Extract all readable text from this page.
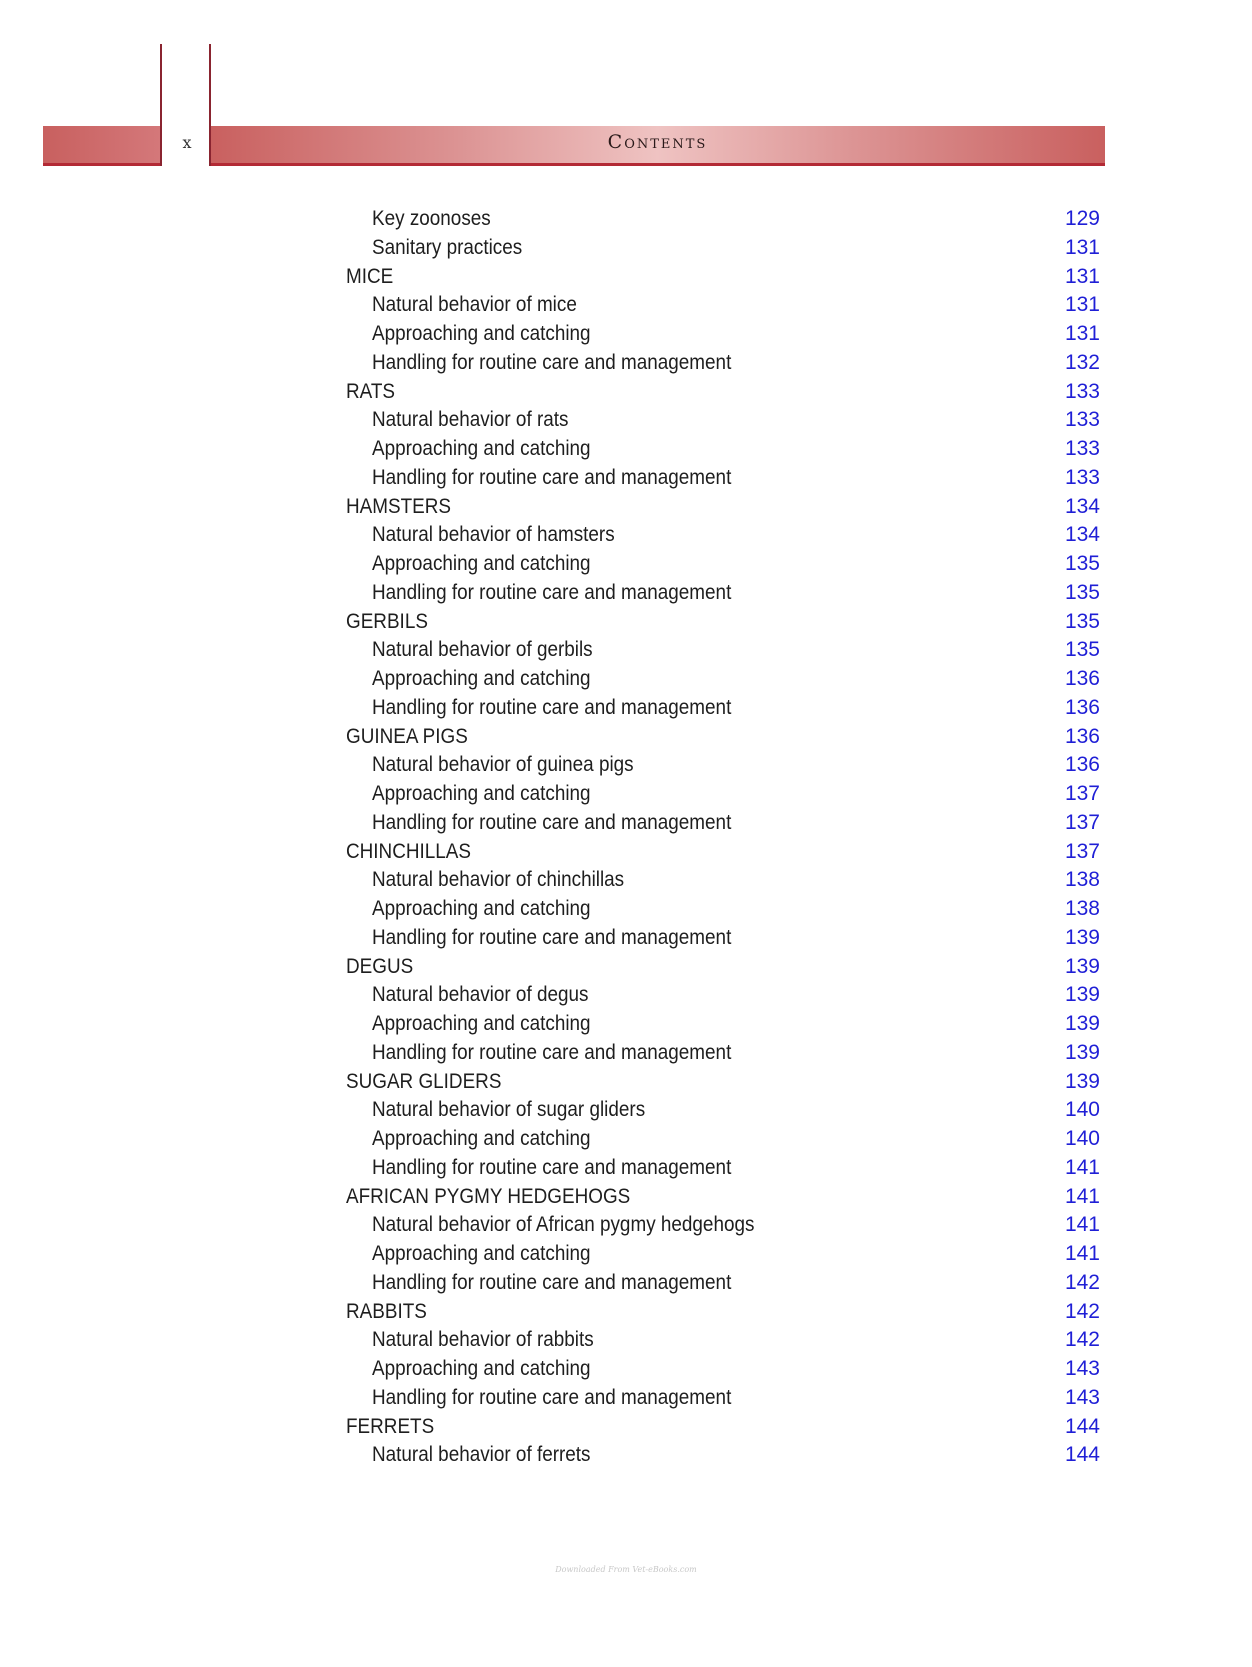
x	Contents
Key zoonoses	129
Sanitary practices	131
MICE	131
Natural behavior of mice	131
Approaching and catching	131
Handling for routine care and management	132
RATS	133
Natural behavior of rats	133
Approaching and catching	133
Handling for routine care and management	133
HAMSTERS	134
Natural behavior of hamsters	134
Approaching and catching	135
Handling for routine care and management	135
GERBILS	135
Natural behavior of gerbils	135
Approaching and catching	136
Handling for routine care and management	136
GUINEA PIGS	136
Natural behavior of guinea pigs	136
Approaching and catching	137
Handling for routine care and management	137
CHINCHILLAS	137
Natural behavior of chinchillas	138
Approaching and catching	138
Handling for routine care and management	139
DEGUS	139
Natural behavior of degus	139
Approaching and catching	139
Handling for routine care and management	139
SUGAR GLIDERS	139
Natural behavior of sugar gliders	140
Approaching and catching	140
Handling for routine care and management	141
AFRICAN PYGMY HEDGEHOGS	141
Natural behavior of African pygmy hedgehogs	141
Approaching and catching	141
Handling for routine care and management	142
RABBITS	142
Natural behavior of rabbits	142
Approaching and catching	143
Handling for routine care and management	143
FERRETS	144
Natural behavior of ferrets	144
Downloaded From Vet-eBooks.com
